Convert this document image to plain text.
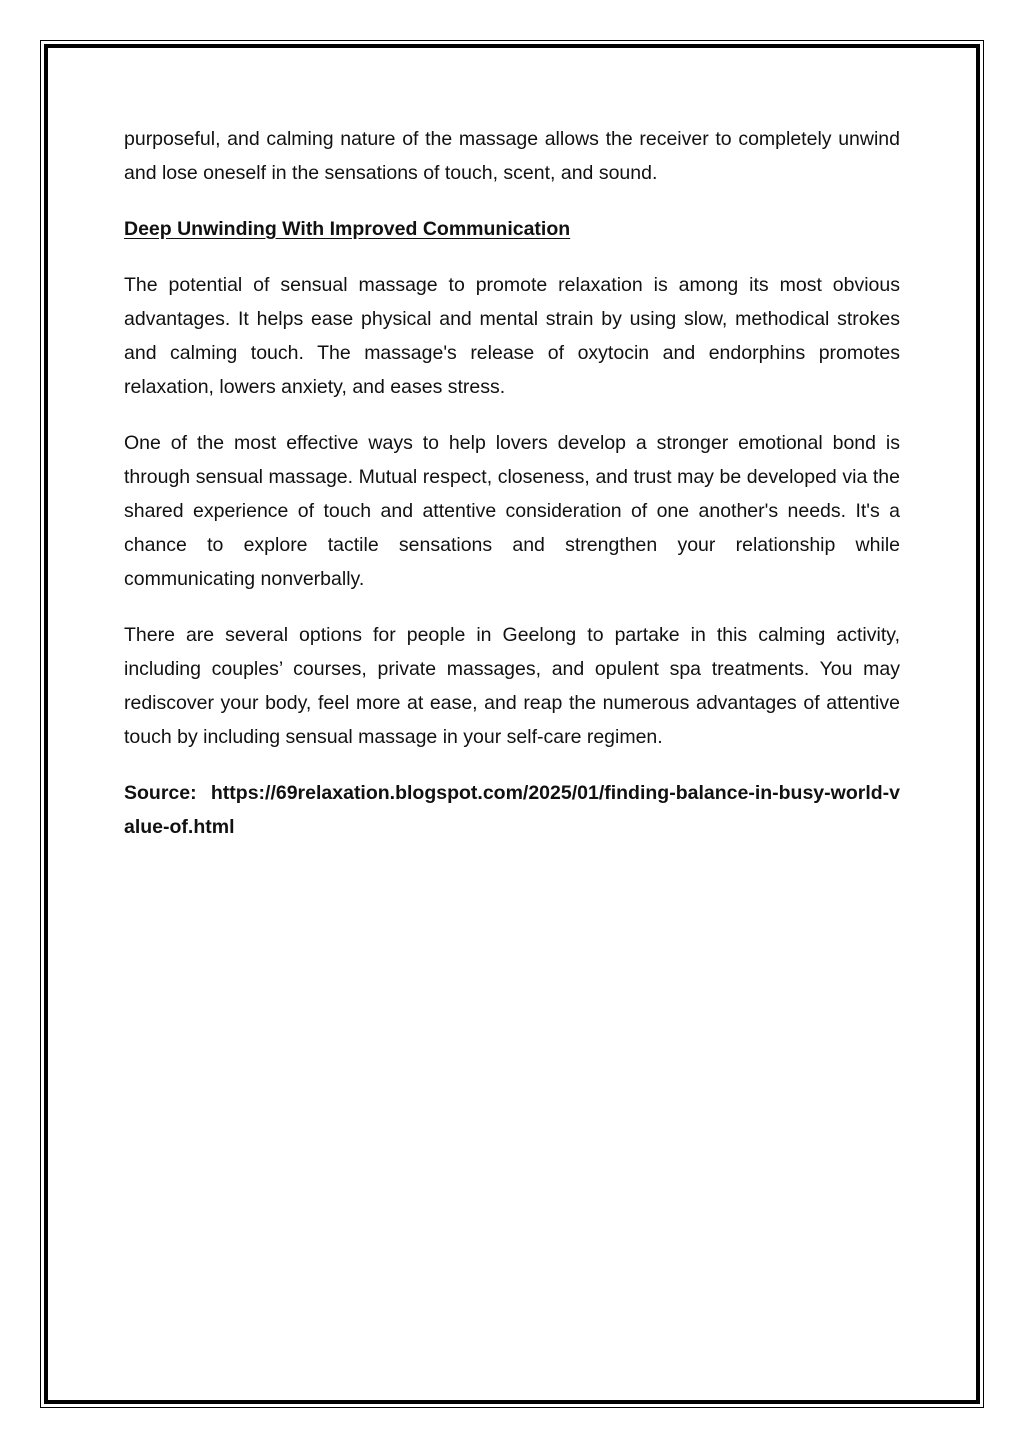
purposeful, and calming nature of the massage allows the receiver to completely unwind and lose oneself in the sensations of touch, scent, and sound.

Deep Unwinding With Improved Communication

The potential of sensual massage to promote relaxation is among its most obvious advantages. It helps ease physical and mental strain by using slow, methodical strokes and calming touch. The massage's release of oxytocin and endorphins promotes relaxation, lowers anxiety, and eases stress.

One of the most effective ways to help lovers develop a stronger emotional bond is through sensual massage. Mutual respect, closeness, and trust may be developed via the shared experience of touch and attentive consideration of one another's needs. It's a chance to explore tactile sensations and strengthen your relationship while communicating nonverbally.

There are several options for people in Geelong to partake in this calming activity, including couples’ courses, private massages, and opulent spa treatments. You may rediscover your body, feel more at ease, and reap the numerous advantages of attentive touch by including sensual massage in your self-care regimen.

Source: https://69relaxation.blogspot.com/2025/01/finding-balance-in-busy-world-value-of.html
